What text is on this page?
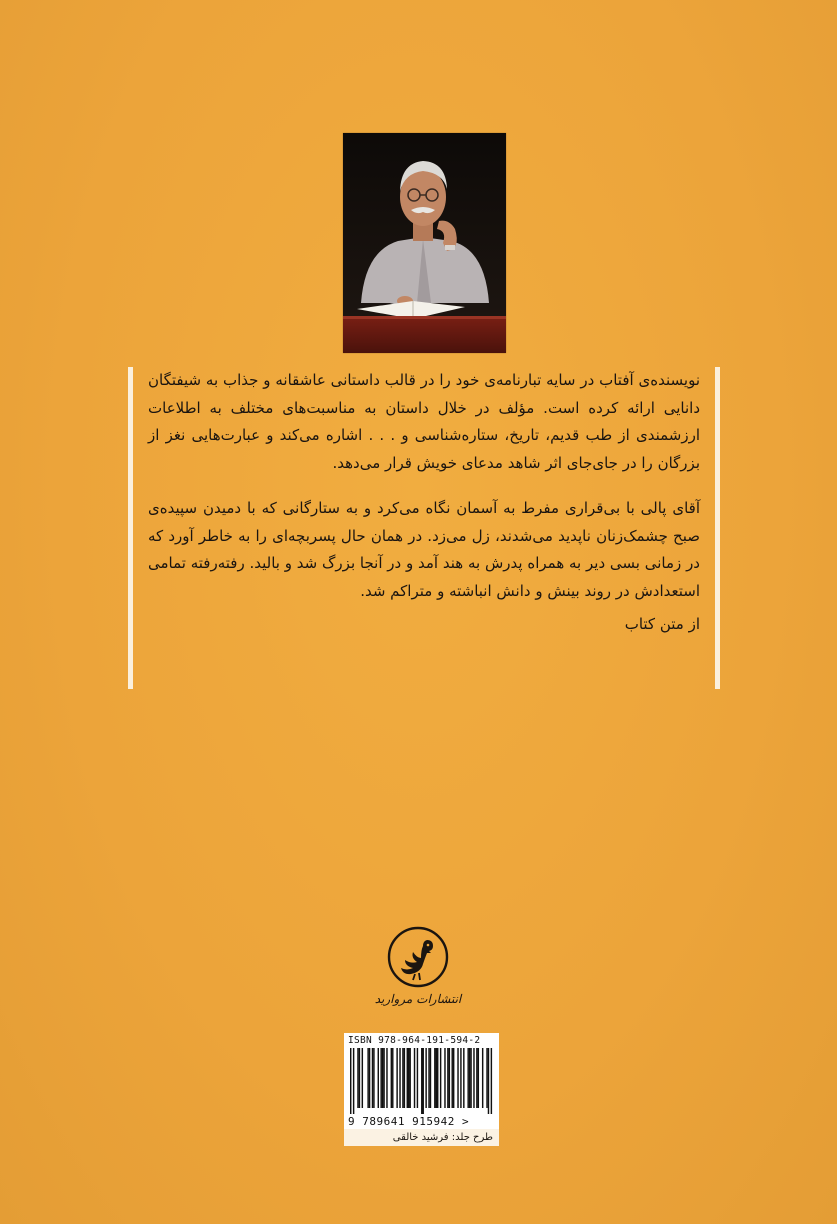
نویسنده‌ی آفتاب در سایه تبارنامه‌ی خود را در قالب داستانی عاشقانه و جذاب به شیفتگان دانایی ارائه کرده است. مؤلف در خلال داستان به مناسبت‌های مختلف به اطلاعات ارزشمندی از طب قدیم، تاریخ، ستاره‌شناسی و . . . اشاره می‌کند و عبارت‌هایی نغز از بزرگان را در جای‌جای اثر شاهد مدعای خویش قرار می‌دهد.

آقای پالی با بی‌قراری مفرط به آسمان نگاه می‌کرد و به ستارگانی که با دمیدن سپیده‌ی صبح چشمک‌زنان ناپدید می‌شدند، زل می‌زد. در همان حال پسربچه‌ای را به خاطر آورد که در زمانی بسی دیر به همراه پدرش به هند آمد و در آنجا بزرگ شد و بالید. رفته‌رفته تمامی استعدادش در روند بینش و دانش انباشته و متراکم شد.

از متن کتاب
انتشارات مروارید
ISBN 978-964-191-594-2
9 789641 915942 >
طرح جلد: فرشید خالقی
